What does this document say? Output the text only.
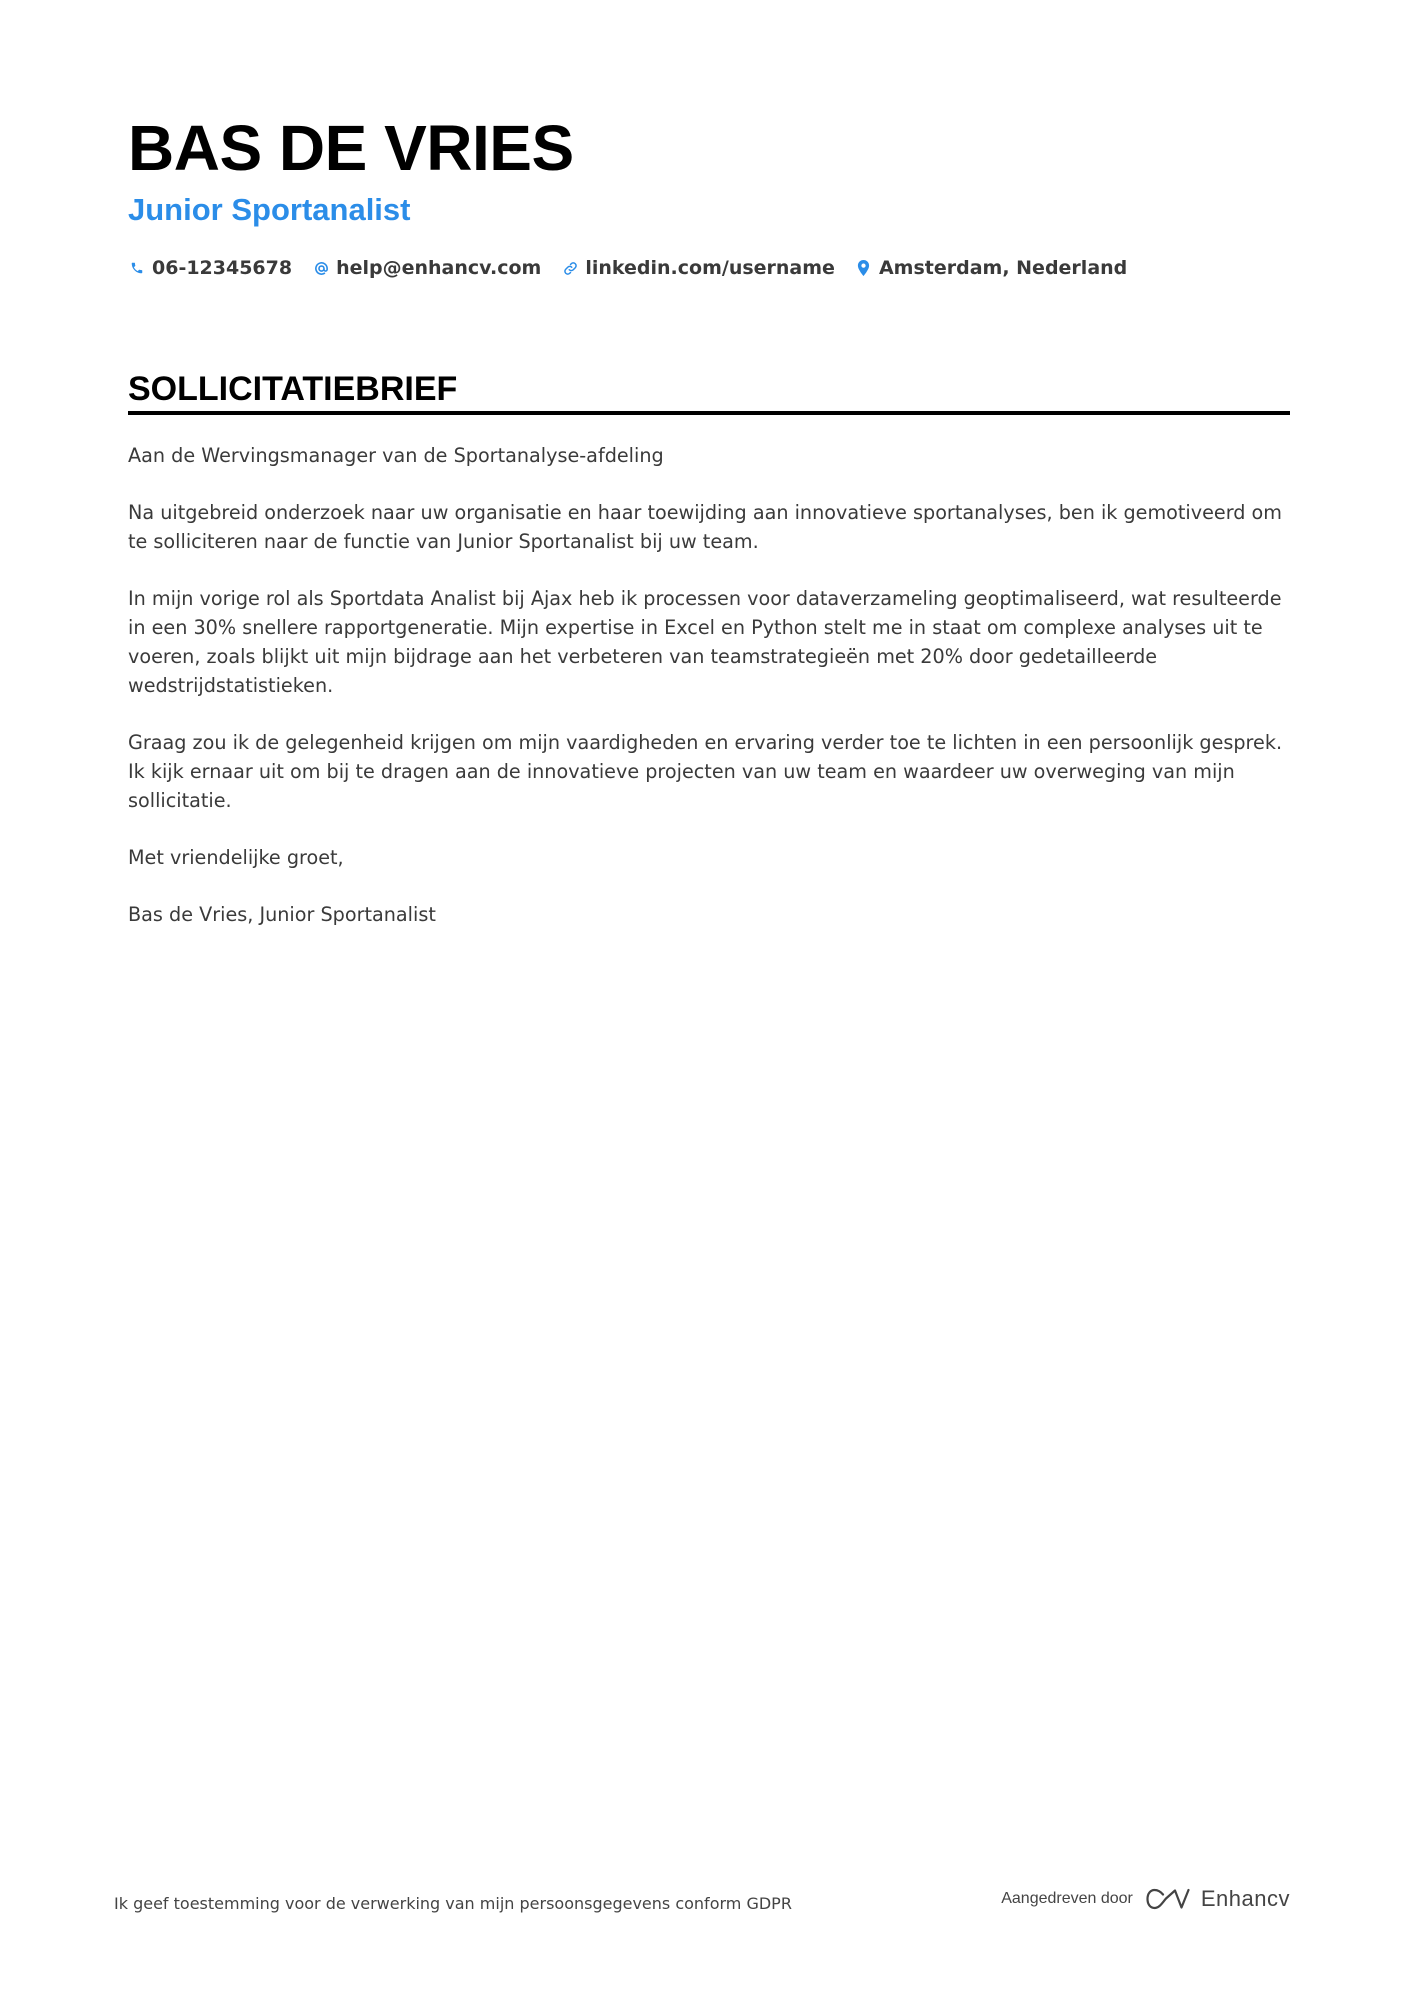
BAS DE VRIES
Junior Sportanalist
06-12345678 help@enhancv.com linkedin.com/username Amsterdam, Nederland
SOLLICITATIEBRIEF

Aan de Wervingsmanager van de Sportanalyse-afdeling

Na uitgebreid onderzoek naar uw organisatie en haar toewijding aan innovatieve sportanalyses, ben ik gemotiveerd om te solliciteren naar de functie van Junior Sportanalist bij uw team.

In mijn vorige rol als Sportdata Analist bij Ajax heb ik processen voor dataverzameling geoptimaliseerd, wat resulteerde in een 30% snellere rapportgeneratie. Mijn expertise in Excel en Python stelt me in staat om complexe analyses uit te voeren, zoals blijkt uit mijn bijdrage aan het verbeteren van teamstrategieën met 20% door gedetailleerde wedstrijdstatistieken.

Graag zou ik de gelegenheid krijgen om mijn vaardigheden en ervaring verder toe te lichten in een persoonlijk gesprek. Ik kijk ernaar uit om bij te dragen aan de innovatieve projecten van uw team en waardeer uw overweging van mijn sollicitatie.

Met vriendelijke groet,

Bas de Vries, Junior Sportanalist

Ik geef toestemming voor de verwerking van mijn persoonsgegevens conform GDPR	Aangedreven door	Enhancv
